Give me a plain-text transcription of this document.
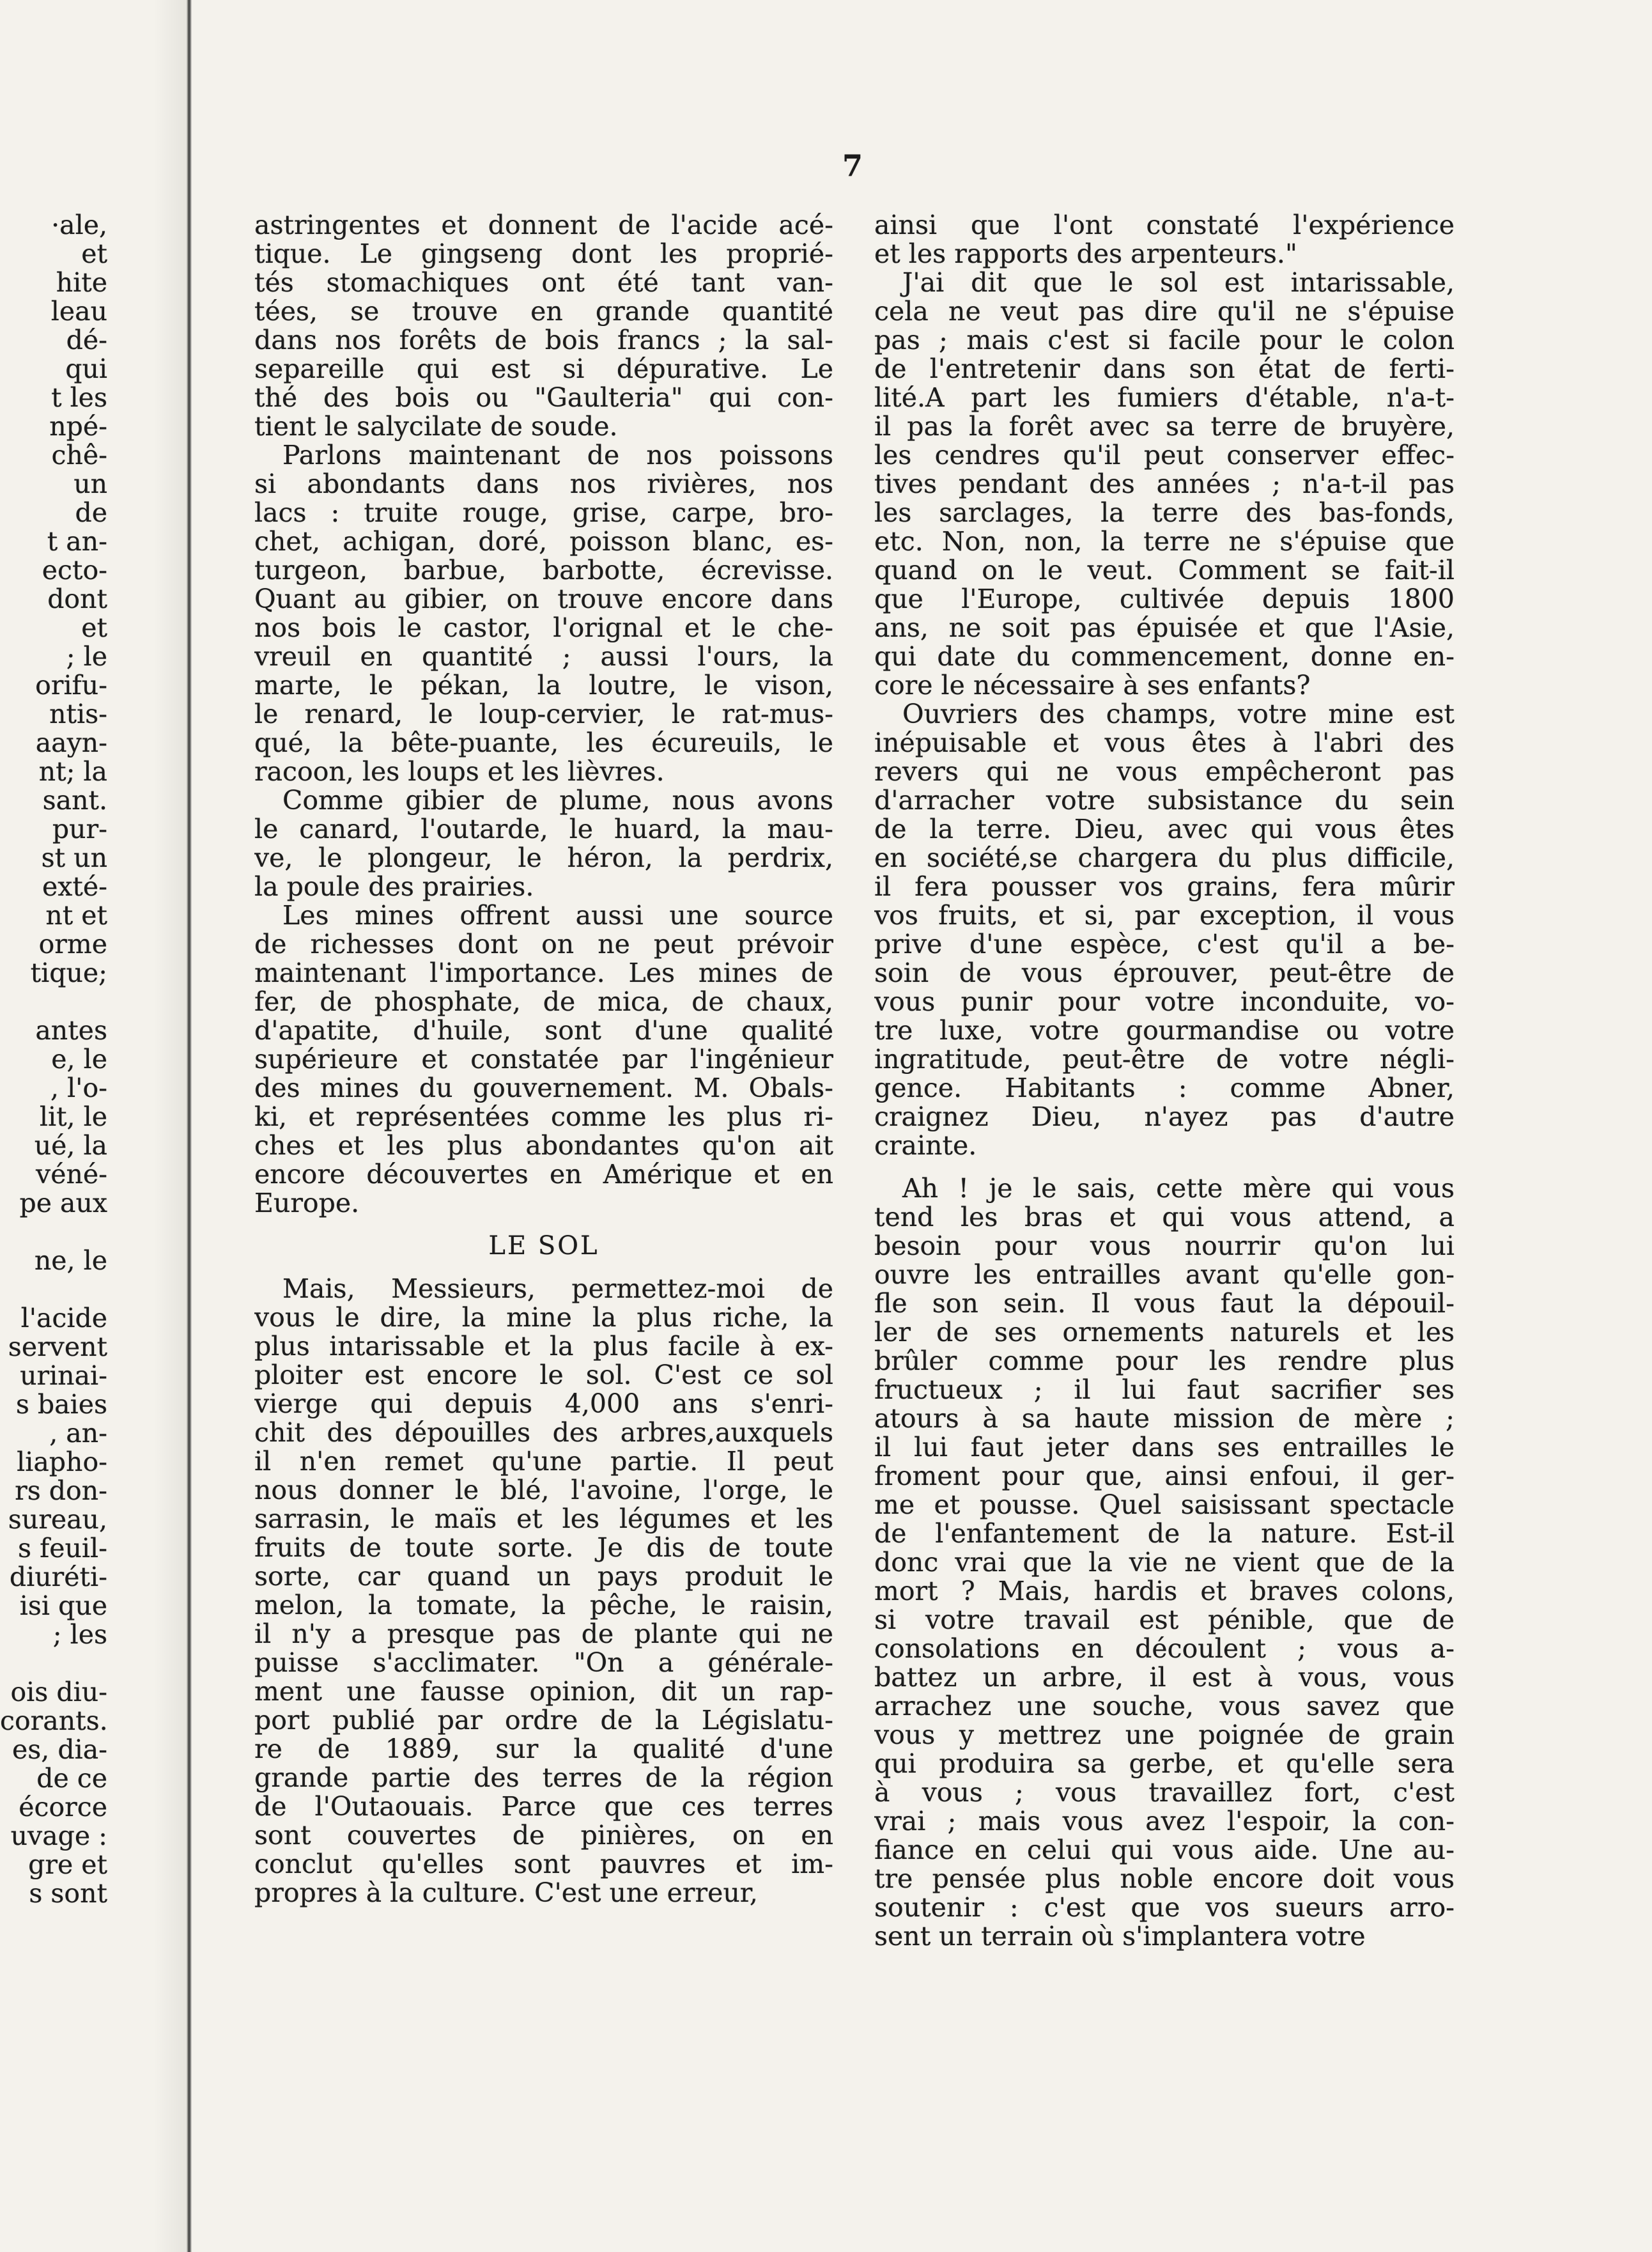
7
·ale,
et
hite
leau
dé-
qui
t les
npé-
chê-
un
de
t an-
ecto-
dont
et
; le
orifu-
ntis-
aayn-
nt; la
sant.
pur-
st un
exté-
nt et
orme
tique;
antes
e, le
, l'o-
lit, le
ué, la
véné-
pe aux
ne, le
l'acide
servent
urinai-
s baies
, an-
liapho-
rs don-
sureau,
s feuil-
diuréti-
isi que
; les
ois diu-
corants.
es, dia-
de ce
écorce
uvage :
gre et
s sont
astringentes et donnent de l'acide acé-
tique. Le gingseng dont les proprié-
tés stomachiques ont été tant van-
tées, se trouve en grande quantité
dans nos forêts de bois francs ; la sal-
separeille qui est si dépurative. Le
thé des bois ou "Gaulteria" qui con-
tient le salycilate de soude.
Parlons maintenant de nos poissons
si abondants dans nos rivières, nos
lacs : truite rouge, grise, carpe, bro-
chet, achigan, doré, poisson blanc, es-
turgeon, barbue, barbotte, écrevisse.
Quant au gibier, on trouve encore dans
nos bois le castor, l'orignal et le che-
vreuil en quantité ; aussi l'ours, la
marte, le pékan, la loutre, le vison,
le renard, le loup-cervier, le rat-mus-
qué, la bête-puante, les écureuils, le
racoon, les loups et les lièvres.
Comme gibier de plume, nous avons
le canard, l'outarde, le huard, la mau-
ve, le plongeur, le héron, la perdrix,
la poule des prairies.
Les mines offrent aussi une source
de richesses dont on ne peut prévoir
maintenant l'importance. Les mines de
fer, de phosphate, de mica, de chaux,
d'apatite, d'huile, sont d'une qualité
supérieure et constatée par l'ingénieur
des mines du gouvernement. M. Obals-
ki, et représentées comme les plus ri-
ches et les plus abondantes qu'on ait
encore découvertes en Amérique et en
Europe.
LE SOL
Mais, Messieurs, permettez-moi de
vous le dire, la mine la plus riche, la
plus intarissable et la plus facile à ex-
ploiter est encore le sol. C'est ce sol
vierge qui depuis 4,000 ans s'enri-
chit des dépouilles des arbres,auxquels
il n'en remet qu'une partie. Il peut
nous donner le blé, l'avoine, l'orge, le
sarrasin, le maïs et les légumes et les
fruits de toute sorte. Je dis de toute
sorte, car quand un pays produit le
melon, la tomate, la pêche, le raisin,
il n'y a presque pas de plante qui ne
puisse s'acclimater. "On a générale-
ment une fausse opinion, dit un rap-
port publié par ordre de la Législatu-
re de 1889, sur la qualité d'une
grande partie des terres de la région
de l'Outaouais. Parce que ces terres
sont couvertes de pinières, on en
conclut qu'elles sont pauvres et im-
propres à la culture. C'est une erreur,
ainsi que l'ont constaté l'expérience
et les rapports des arpenteurs."
J'ai dit que le sol est intarissable,
cela ne veut pas dire qu'il ne s'épuise
pas ; mais c'est si facile pour le colon
de l'entretenir dans son état de ferti-
lité.A part les fumiers d'étable, n'a-t-
il pas la forêt avec sa terre de bruyère,
les cendres qu'il peut conserver effec-
tives pendant des années ; n'a-t-il pas
les sarclages, la terre des bas-fonds,
etc. Non, non, la terre ne s'épuise que
quand on le veut. Comment se fait-il
que l'Europe, cultivée depuis 1800
ans, ne soit pas épuisée et que l'Asie,
qui date du commencement, donne en-
core le nécessaire à ses enfants?
Ouvriers des champs, votre mine est
inépuisable et vous êtes à l'abri des
revers qui ne vous empêcheront pas
d'arracher votre subsistance du sein
de la terre. Dieu, avec qui vous êtes
en société,se chargera du plus difficile,
il fera pousser vos grains, fera mûrir
vos fruits, et si, par exception, il vous
prive d'une espèce, c'est qu'il a be-
soin de vous éprouver, peut-être de
vous punir pour votre inconduite, vo-
tre luxe, votre gourmandise ou votre
ingratitude, peut-être de votre négli-
gence. Habitants : comme Abner,
craignez Dieu, n'ayez pas d'autre
crainte.
Ah ! je le sais, cette mère qui vous
tend les bras et qui vous attend, a
besoin pour vous nourrir qu'on lui
ouvre les entrailles avant qu'elle gon-
fle son sein. Il vous faut la dépouil-
ler de ses ornements naturels et les
brûler comme pour les rendre plus
fructueux ; il lui faut sacrifier ses
atours à sa haute mission de mère ;
il lui faut jeter dans ses entrailles le
froment pour que, ainsi enfoui, il ger-
me et pousse. Quel saisissant spectacle
de l'enfantement de la nature. Est-il
donc vrai que la vie ne vient que de la
mort ? Mais, hardis et braves colons,
si votre travail est pénible, que de
consolations en découlent ; vous a-
battez un arbre, il est à vous, vous
arrachez une souche, vous savez que
vous y mettrez une poignée de grain
qui produira sa gerbe, et qu'elle sera
à vous ; vous travaillez fort, c'est
vrai ; mais vous avez l'espoir, la con-
fiance en celui qui vous aide. Une au-
tre pensée plus noble encore doit vous
soutenir : c'est que vos sueurs arro-
sent un terrain où s'implantera votre
